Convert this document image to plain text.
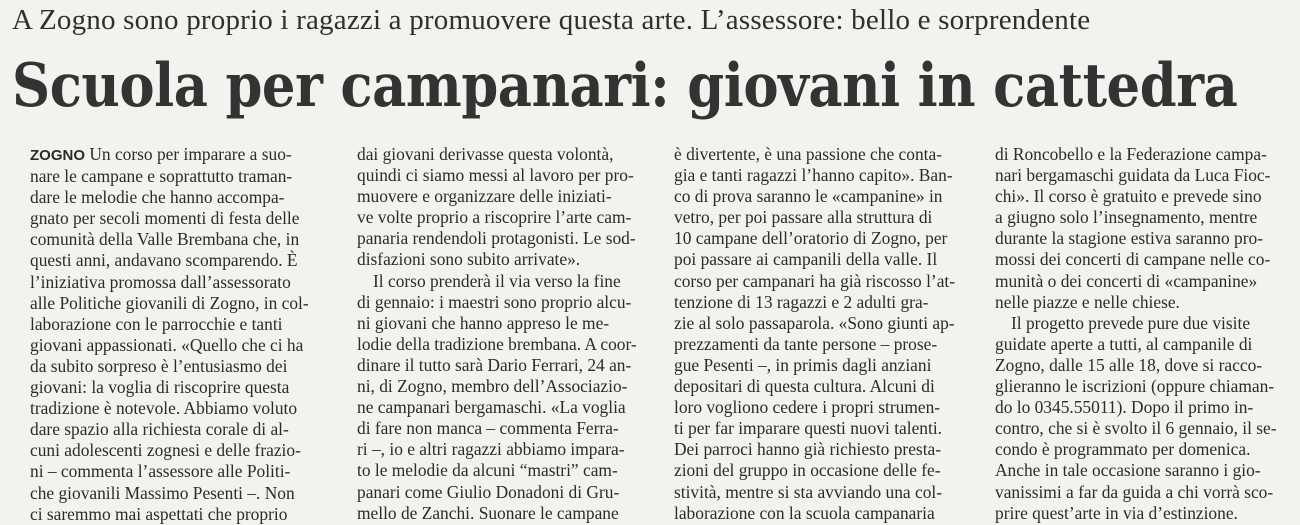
A Zogno sono proprio i ragazzi a promuovere questa arte. L’assessore: bello e sorprendente
Scuola per campanari: giovani in cattedra
ZOGNO Un corso per imparare a suo-
nare le campane e soprattutto traman-
dare le melodie che hanno accompa-
gnato per secoli momenti di festa delle
comunità della Valle Brembana che, in
questi anni, andavano scomparendo. È
l’iniziativa promossa dall’assessorato
alle Politiche giovanili di Zogno, in col-
laborazione con le parrocchie e tanti
giovani appassionati. «Quello che ci ha
da subito sorpreso è l’entusiasmo dei
giovani: la voglia di riscoprire questa
tradizione è notevole. Abbiamo voluto
dare spazio alla richiesta corale di al-
cuni adolescenti zognesi e delle frazio-
ni – commenta l’assessore alle Politi-
che giovanili Massimo Pesenti –. Non
ci saremmo mai aspettati che proprio
dai giovani derivasse questa volontà,
quindi ci siamo messi al lavoro per pro-
muovere e organizzare delle iniziati-
ve volte proprio a riscoprire l’arte cam-
panaria rendendoli protagonisti. Le sod-
disfazioni sono subito arrivate».
Il corso prenderà il via verso la fine
di gennaio: i maestri sono proprio alcu-
ni giovani che hanno appreso le me-
lodie della tradizione brembana. A coor-
dinare il tutto sarà Dario Ferrari, 24 an-
ni, di Zogno, membro dell’Associazio-
ne campanari bergamaschi. «La voglia
di fare non manca – commenta Ferra-
ri –, io e altri ragazzi abbiamo impara-
to le melodie da alcuni “mastri” cam-
panari come Giulio Donadoni di Gru-
mello de Zanchi. Suonare le campane
è divertente, è una passione che conta-
gia e tanti ragazzi l’hanno capito». Ban-
co di prova saranno le «campanine» in
vetro, per poi passare alla struttura di
10 campane dell’oratorio di Zogno, per
poi passare ai campanili della valle. Il
corso per campanari ha già riscosso l’at-
tenzione di 13 ragazzi e 2 adulti gra-
zie al solo passaparola. «Sono giunti ap-
prezzamenti da tante persone – prose-
gue Pesenti –, in primis dagli anziani
depositari di questa cultura. Alcuni di
loro vogliono cedere i propri strumen-
ti per far imparare questi nuovi talenti.
Dei parroci hanno già richiesto presta-
zioni del gruppo in occasione delle fe-
stività, mentre si sta avviando una col-
laborazione con la scuola campanaria
di Roncobello e la Federazione campa-
nari bergamaschi guidata da Luca Fioc-
chi». Il corso è gratuito e prevede sino
a giugno solo l’insegnamento, mentre
durante la stagione estiva saranno pro-
mossi dei concerti di campane nelle co-
munità o dei concerti di «campanine»
nelle piazze e nelle chiese.
Il progetto prevede pure due visite
guidate aperte a tutti, al campanile di
Zogno, dalle 15 alle 18, dove si racco-
glieranno le iscrizioni (oppure chiaman-
do lo 0345.55011). Dopo il primo in-
contro, che si è svolto il 6 gennaio, il se-
condo è programmato per domenica.
Anche in tale occasione saranno i gio-
vanissimi a far da guida a chi vorrà sco-
prire quest’arte in via d’estinzione.
